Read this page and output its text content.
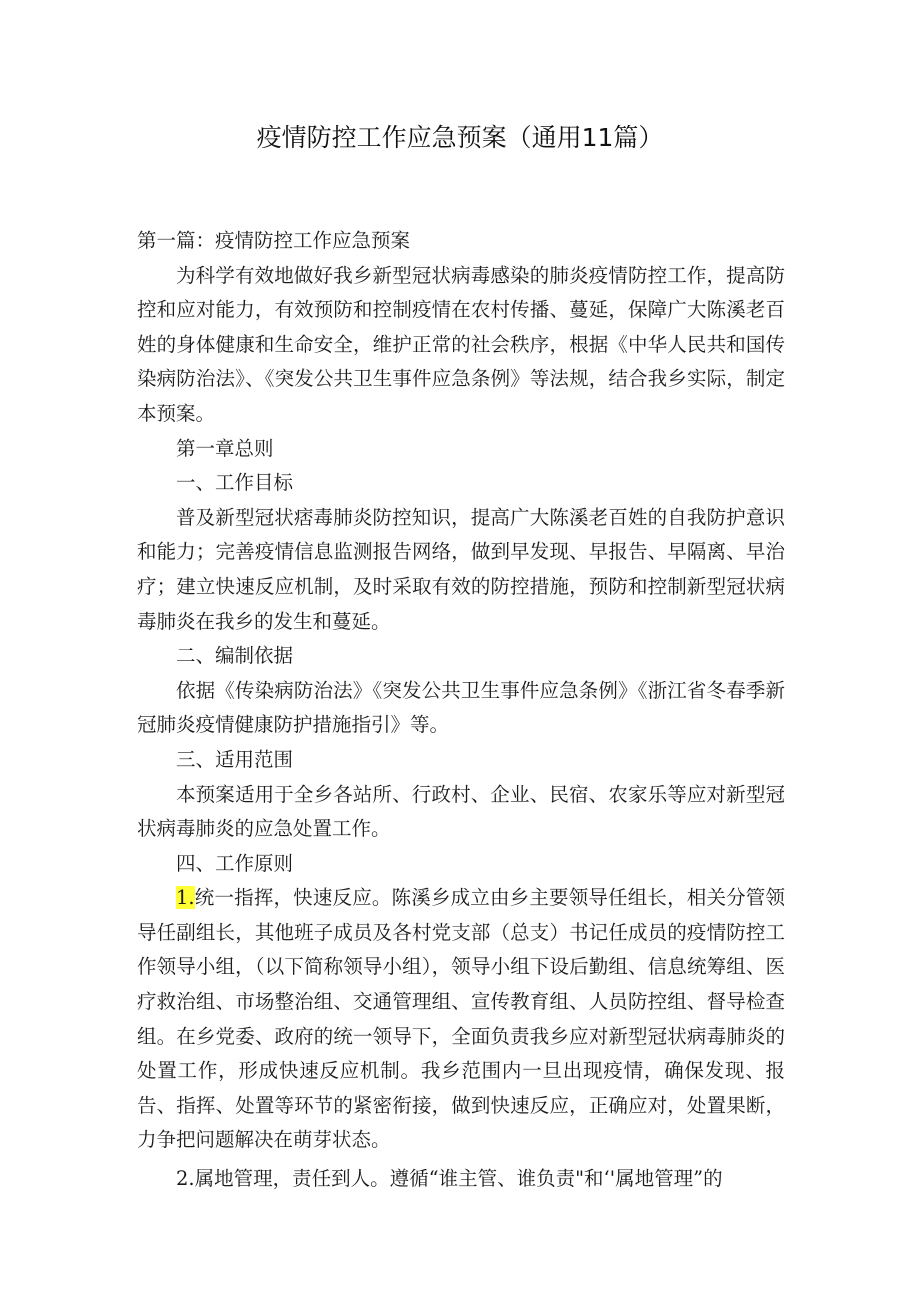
疫情防控工作应急预案（通用11篇）

第一篇：疫情防控工作应急预案

为科学有效地做好我乡新型冠状病毒感染的肺炎疫情防控工作，提高防控和应对能力，有效预防和控制疫情在农村传播、蔓延，保障广大陈溪老百姓的身体健康和生命安全，维护正常的社会秩序，根据《中华人民共和国传染病防治法》、《突发公共卫生事件应急条例》等法规，结合我乡实际，制定本预案。

第一章总则

一、工作目标

普及新型冠状痞毒肺炎防控知识，提高广大陈溪老百姓的自我防护意识和能力；完善疫情信息监测报告网络，做到早发现、早报告、早隔离、早治疗；建立快速反应机制，及时采取有效的防控措施，预防和控制新型冠状病毒肺炎在我乡的发生和蔓延。

二、编制依据

依据《传染病防治法》《突发公共卫生事件应急条例》《浙江省冬春季新冠肺炎疫情健康防护措施指引》等。

三、适用范围

本预案适用于全乡各站所、行政村、企业、民宿、农家乐等应对新型冠状病毒肺炎的应急处置工作。

四、工作原则

1.统一指挥，快速反应。陈溪乡成立由乡主要领导任组长，相关分管领导任副组长，其他班子成员及各村党支部（总支）书记任成员的疫情防控工作领导小组，（以下简称领导小组），领导小组下设后勤组、信息统筹组、医疗救治组、市场整治组、交通管理组、宣传教育组、人员防控组、督导检查组。在乡党委、政府的统一领导下，全面负责我乡应对新型冠状病毒肺炎的处置工作，形成快速反应机制。我乡范围内一旦出现疫情，确保发现、报告、指挥、处置等环节的紧密衔接，做到快速反应，正确应对，处置果断，力争把问题解决在萌芽状态。

2.属地管理，责任到人。遵循“谁主管、谁负责"和‘'属地管理”的
